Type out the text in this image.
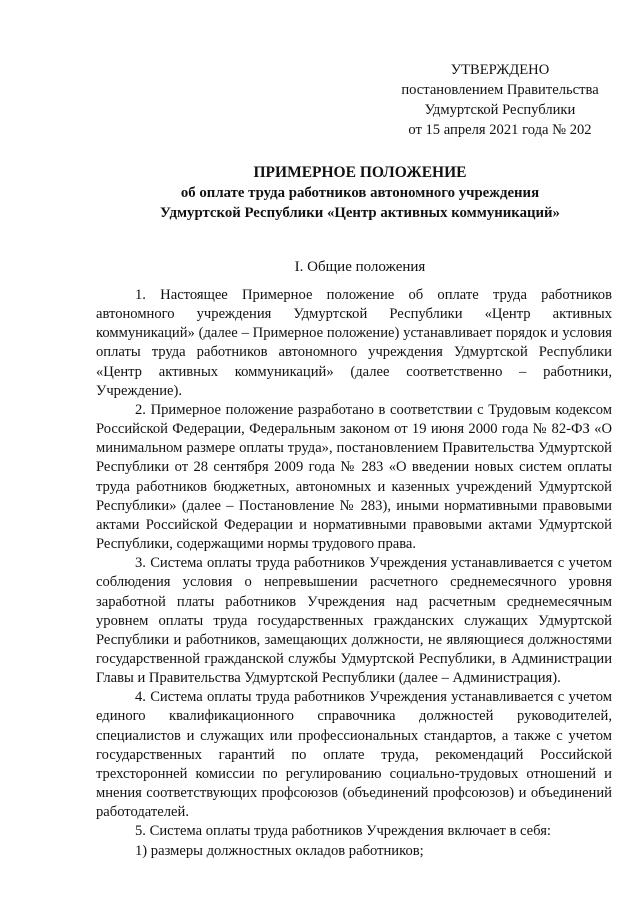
УТВЕРЖДЕНО
постановлением Правительства
Удмуртской Республики
от 15 апреля 2021 года № 202
ПРИМЕРНОЕ ПОЛОЖЕНИЕ
об оплате труда работников автономного учреждения
Удмуртской Республики «Центр активных коммуникаций»
I. Общие положения

1. Настоящее Примерное положение об оплате труда работников автономного учреждения Удмуртской Республики «Центр активных коммуникаций» (далее – Примерное положение) устанавливает порядок и условия оплаты труда работников автономного учреждения Удмуртской Республики «Центр активных коммуникаций» (далее соответственно – работники, Учреждение).

2. Примерное положение разработано в соответствии с Трудовым кодексом Российской Федерации, Федеральным законом от 19 июня 2000 года № 82-ФЗ «О минимальном размере оплаты труда», постановлением Правительства Удмуртской Республики от 28 сентября 2009 года № 283 «О введении новых систем оплаты труда работников бюджетных, автономных и казенных учреждений Удмуртской Республики» (далее – Постановление № 283), иными нормативными правовыми актами Российской Федерации и нормативными правовыми актами Удмуртской Республики, содержащими нормы трудового права.

3. Система оплаты труда работников Учреждения устанавливается с учетом соблюдения условия о непревышении расчетного среднемесячного уровня заработной платы работников Учреждения над расчетным среднемесячным уровнем оплаты труда государственных гражданских служащих Удмуртской Республики и работников, замещающих должности, не являющиеся должностями государственной гражданской службы Удмуртской Республики, в Администрации Главы и Правительства Удмуртской Республики (далее – Администрация).

4. Система оплаты труда работников Учреждения устанавливается с учетом единого квалификационного справочника должностей руководителей, специалистов и служащих или профессиональных стандартов, а также с учетом государственных гарантий по оплате труда, рекомендаций Российской трехсторонней комиссии по регулированию социально-трудовых отношений и мнения соответствующих профсоюзов (объединений профсоюзов) и объединений работодателей.

5. Система оплаты труда работников Учреждения включает в себя:

1) размеры должностных окладов работников;
